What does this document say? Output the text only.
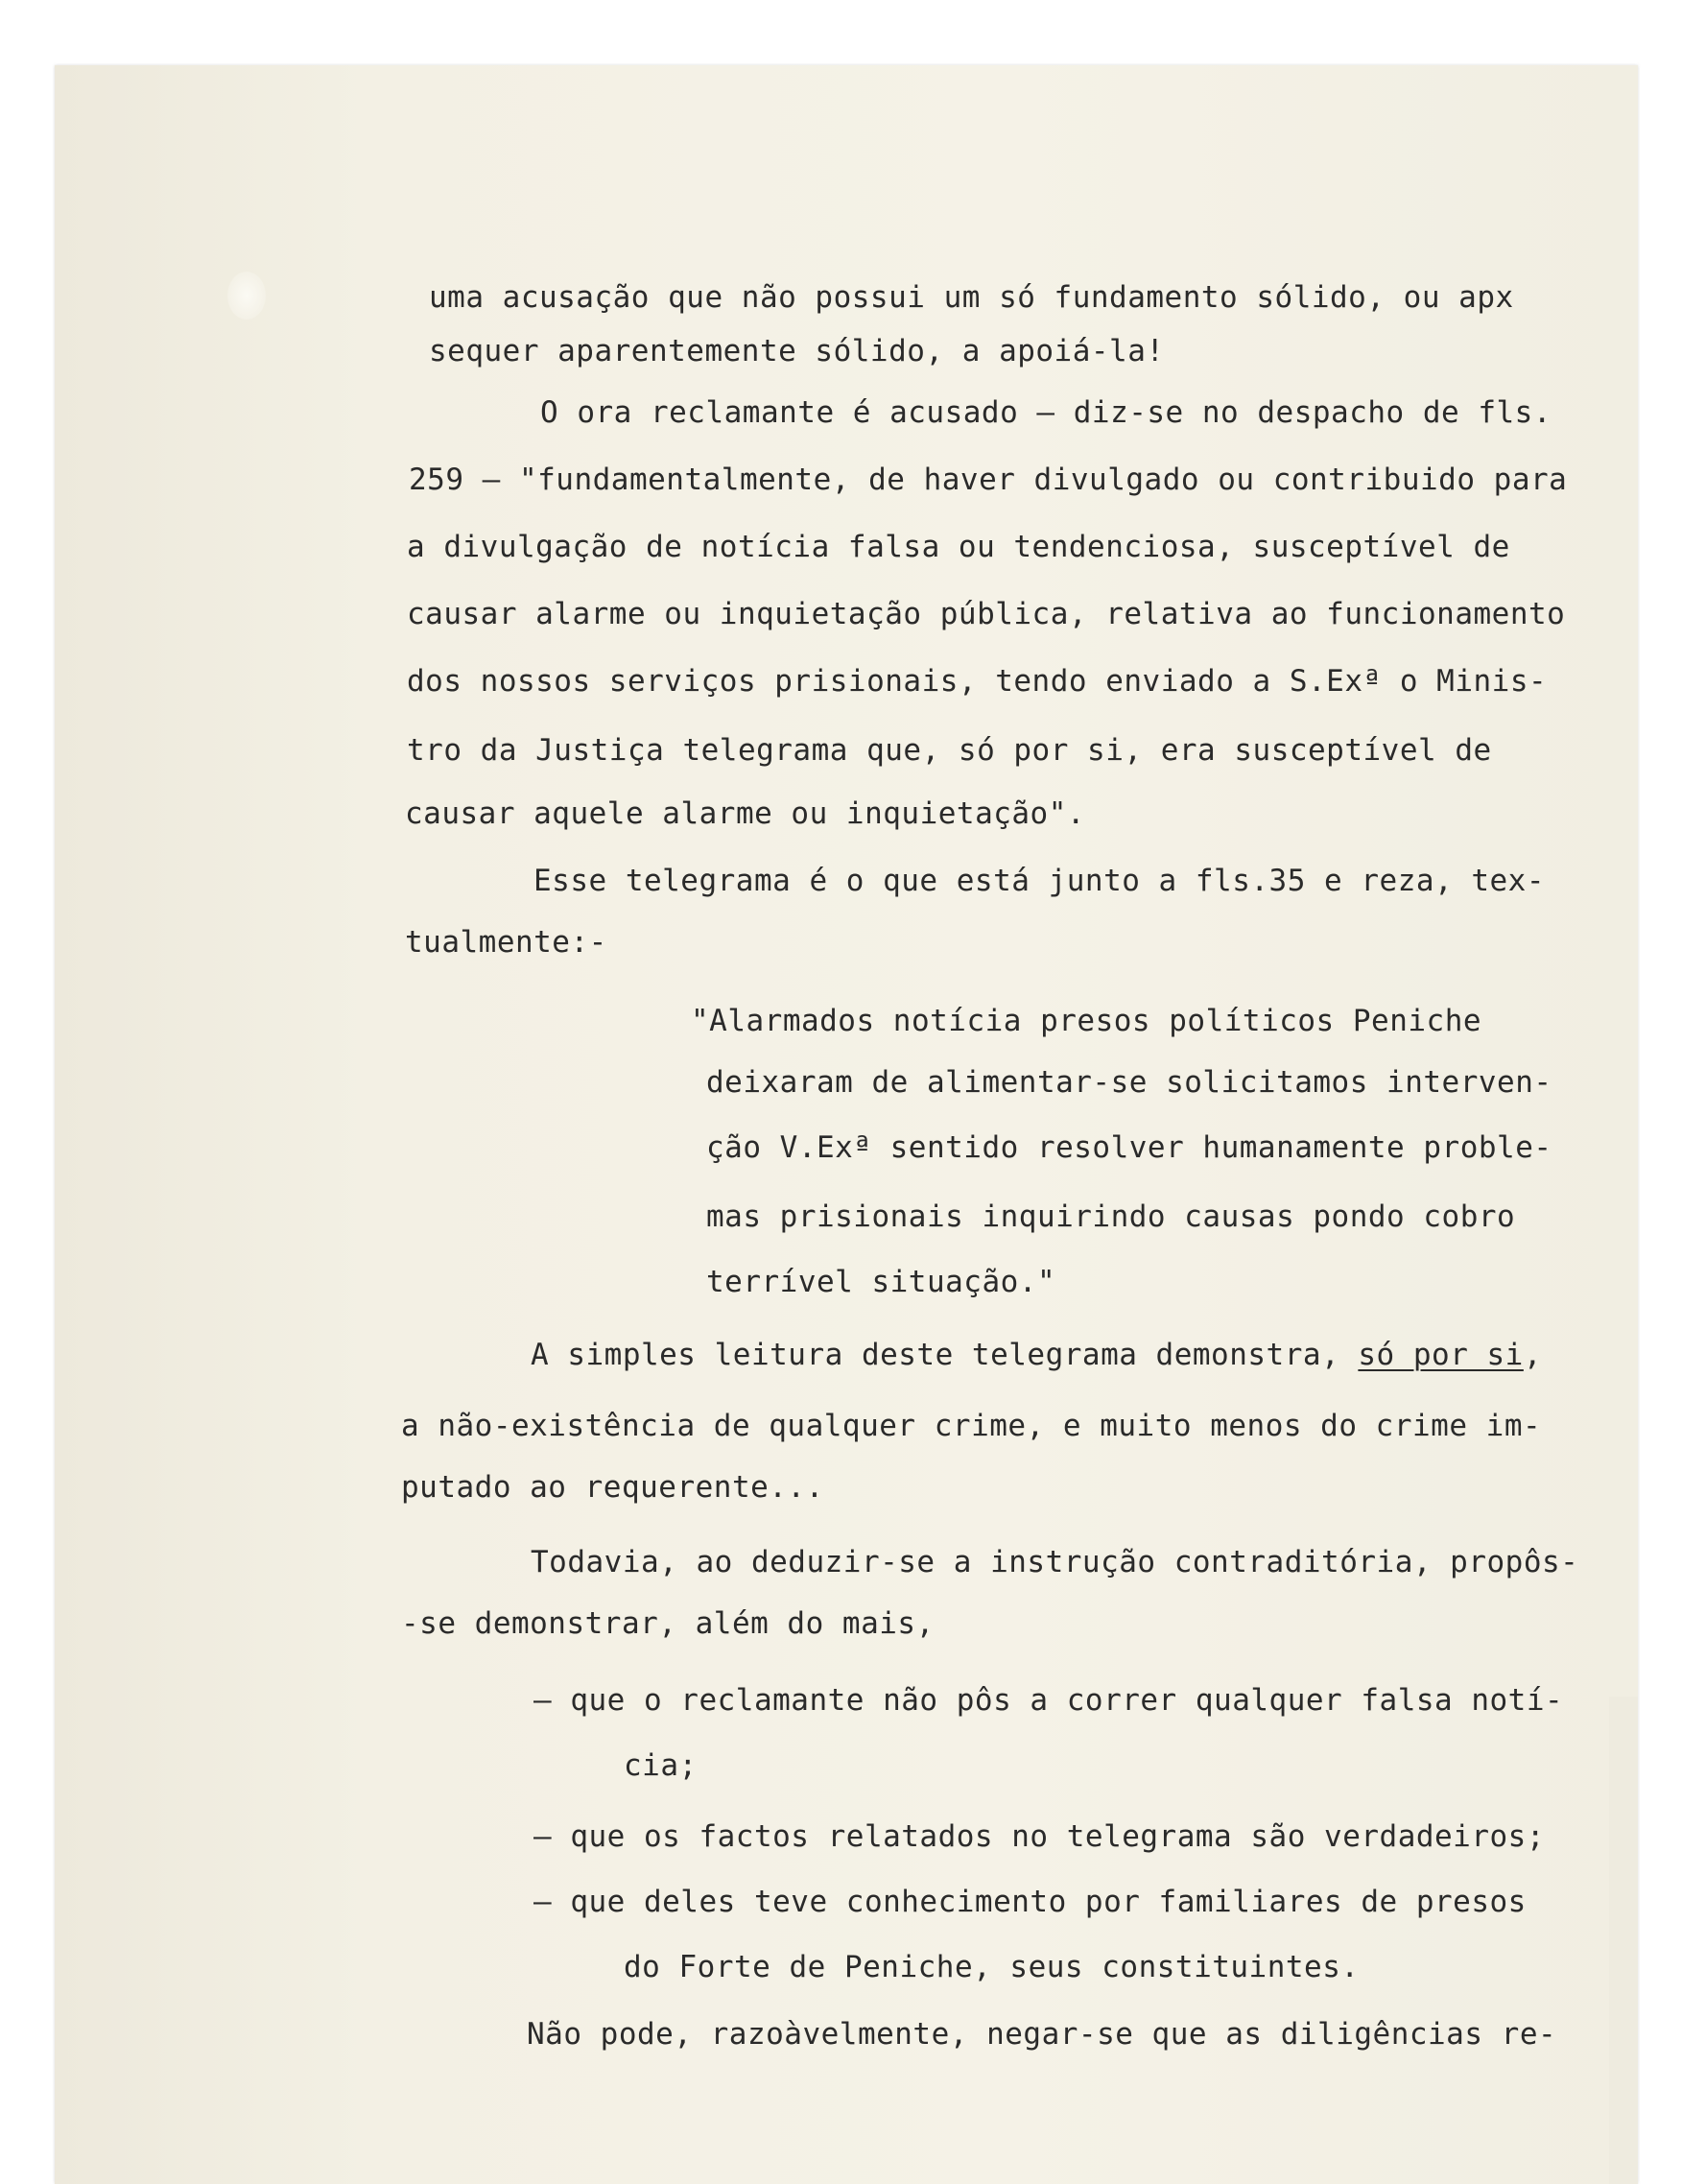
uma acusação que não possui um só fundamento sólido, ou apx

sequer aparentemente sólido, a apoiá-la!

O ora reclamante é acusado — diz-se no despacho de fls.

259 — "fundamentalmente, de haver divulgado ou contribuido para

a divulgação de notícia falsa ou tendenciosa, susceptível de

causar alarme ou inquietação pública, relativa ao funcionamento

dos nossos serviços prisionais, tendo enviado a S.Exª o Minis-

tro da Justiça telegrama que, só por si, era susceptível de

causar aquele alarme ou inquietação".

Esse telegrama é o que está junto a fls.35 e reza, tex-

tualmente:-

"Alarmados notícia presos políticos Peniche

deixaram de alimentar-se solicitamos interven-

ção V.Exª sentido resolver humanamente proble-

mas prisionais inquirindo causas pondo cobro

terrível situação."

A simples leitura deste telegrama demonstra, só por si,

a não-existência de qualquer crime, e muito menos do crime im-

putado ao requerente...

Todavia, ao deduzir-se a instrução contraditória, propôs-

-se demonstrar, além do mais,

— que o reclamante não pôs a correr qualquer falsa notí-

cia;

— que os factos relatados no telegrama são verdadeiros;

— que deles teve conhecimento por familiares de presos

do Forte de Peniche, seus constituintes.

Não pode, razoàvelmente, negar-se que as diligências re-
